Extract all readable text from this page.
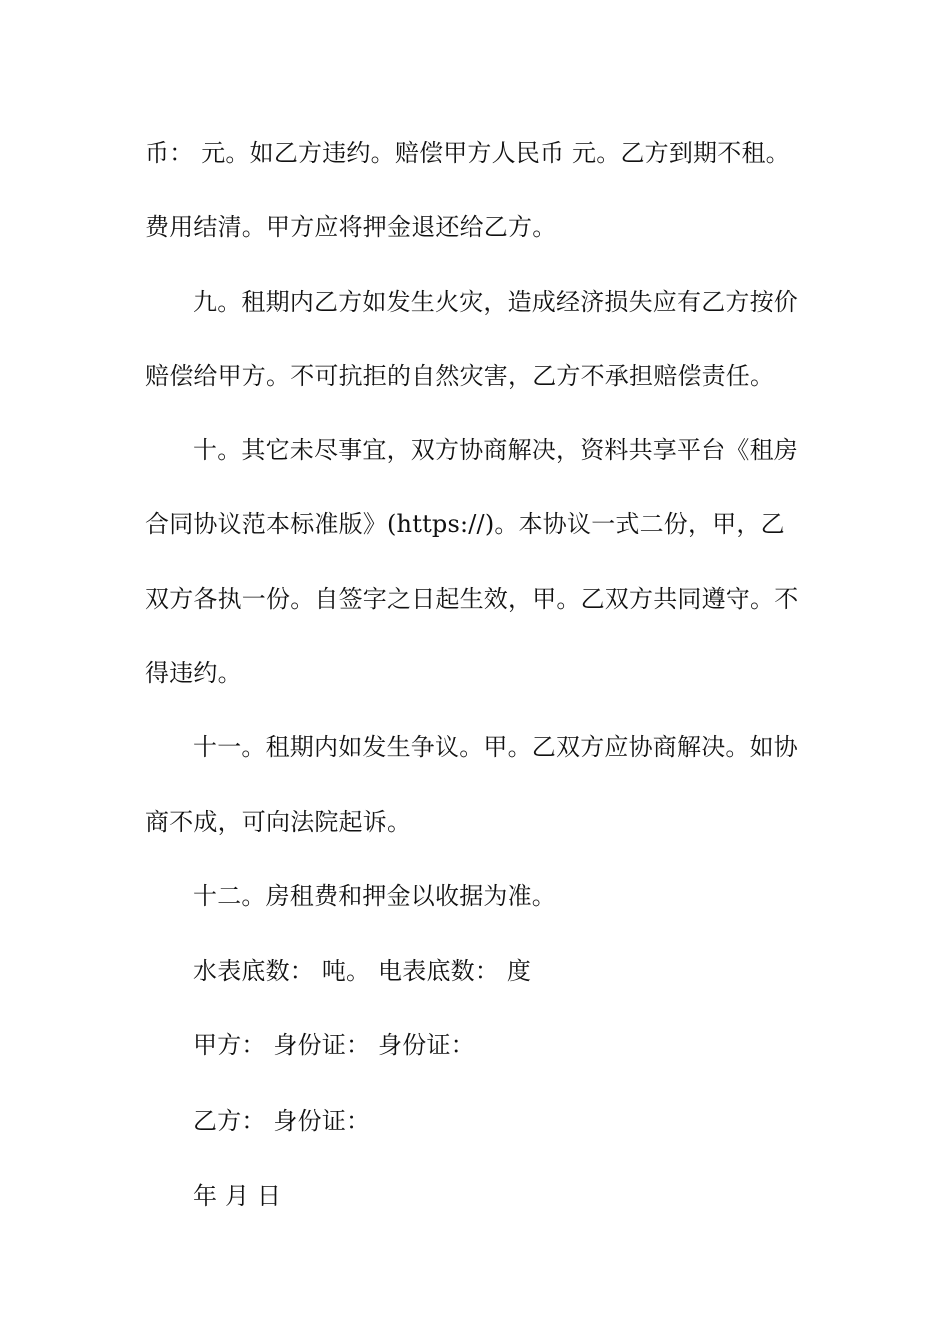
币： 元。如乙方违约。赔偿甲方人民币 元。乙方到期不租。

费用结清。甲方应将押金退还给乙方。

九。租期内乙方如发生火灾，造成经济损失应有乙方按价

赔偿给甲方。不可抗拒的自然灾害，乙方不承担赔偿责任。

十。其它未尽事宜，双方协商解决，资料共享平台《租房

合同协议范本标准版》(https://)。本协议一式二份，甲，乙

双方各执一份。自签字之日起生效，甲。乙双方共同遵守。不

得违约。

十一。租期内如发生争议。甲。乙双方应协商解决。如协

商不成，可向法院起诉。

十二。房租费和押金以收据为准。

水表底数： 吨。 电表底数： 度

甲方： 身份证： 身份证：

乙方： 身份证：

年 月 日
